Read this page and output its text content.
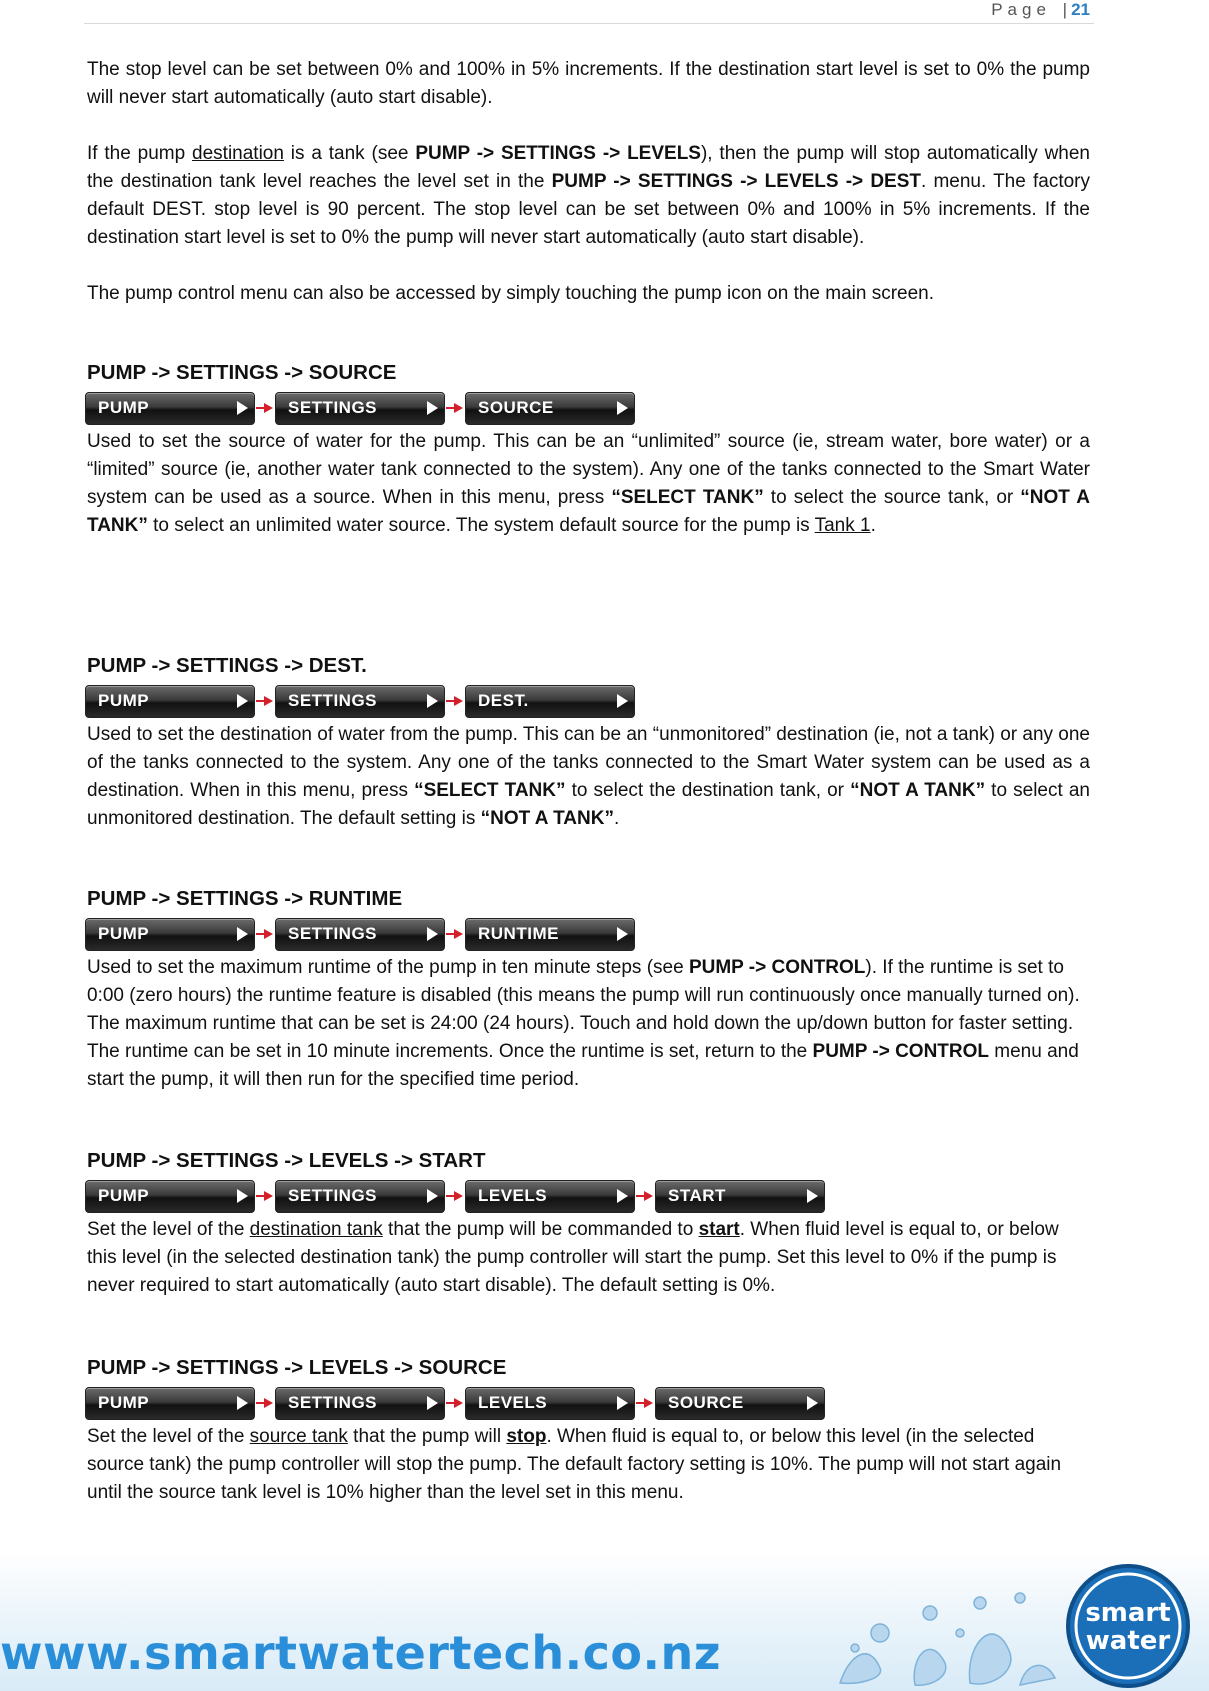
Page | 21

The stop level can be set between 0% and 100% in 5% increments. If the destination start level is set to 0% the pump will never start automatically (auto start disable).

If the pump destination is a tank (see PUMP -> SETTINGS -> LEVELS), then the pump will stop automatically when the destination tank level reaches the level set in the PUMP -> SETTINGS -> LEVELS -> DEST. menu. The factory default DEST. stop level is 90 percent. The stop level can be set between 0% and 100% in 5% increments. If the destination start level is set to 0% the pump will never start automatically (auto start disable).

The pump control menu can also be accessed by simply touching the pump icon on the main screen.

PUMP -> SETTINGS -> SOURCE
PUMP	SETTINGS	SOURCE

Used to set the source of water for the pump. This can be an “unlimited” source (ie, stream water, bore water) or a “limited” source (ie, another water tank connected to the system). Any one of the tanks connected to the Smart Water system can be used as a source. When in this menu, press “SELECT TANK” to select the source tank, or “NOT A TANK” to select an unlimited water source. The system default source for the pump is Tank 1.

PUMP -> SETTINGS -> DEST.
PUMP	SETTINGS	DEST.

Used to set the destination of water from the pump. This can be an “unmonitored” destination (ie, not a tank) or any one of the tanks connected to the system. Any one of the tanks connected to the Smart Water system can be used as a destination. When in this menu, press “SELECT TANK” to select the destination tank, or “NOT A TANK” to select an unmonitored destination. The default setting is “NOT A TANK”.

PUMP -> SETTINGS -> RUNTIME
PUMP	SETTINGS	RUNTIME

Used to set the maximum runtime of the pump in ten minute steps (see PUMP -> CONTROL). If the runtime is set to 0:00 (zero hours) the runtime feature is disabled (this means the pump will run continuously once manually turned on). The maximum runtime that can be set is 24:00 (24 hours). Touch and hold down the up/down button for faster setting. The runtime can be set in 10 minute increments. Once the runtime is set, return to the PUMP -> CONTROL menu and start the pump, it will then run for the specified time period.

PUMP -> SETTINGS -> LEVELS -> START
PUMP	SETTINGS	LEVELS	START

Set the level of the destination tank that the pump will be commanded to start. When fluid level is equal to, or below this level (in the selected destination tank) the pump controller will start the pump. Set this level to 0% if the pump is never required to start automatically (auto start disable). The default setting is 0%.

PUMP -> SETTINGS -> LEVELS -> SOURCE
PUMP	SETTINGS	LEVELS	SOURCE

Set the level of the source tank that the pump will stop. When fluid is equal to, or below this level (in the selected source tank) the pump controller will stop the pump. The default factory setting is 10%. The pump will not start again until the source tank level is 10% higher than the level set in this menu.

www.smartwatertech.co.nz
smart
water
